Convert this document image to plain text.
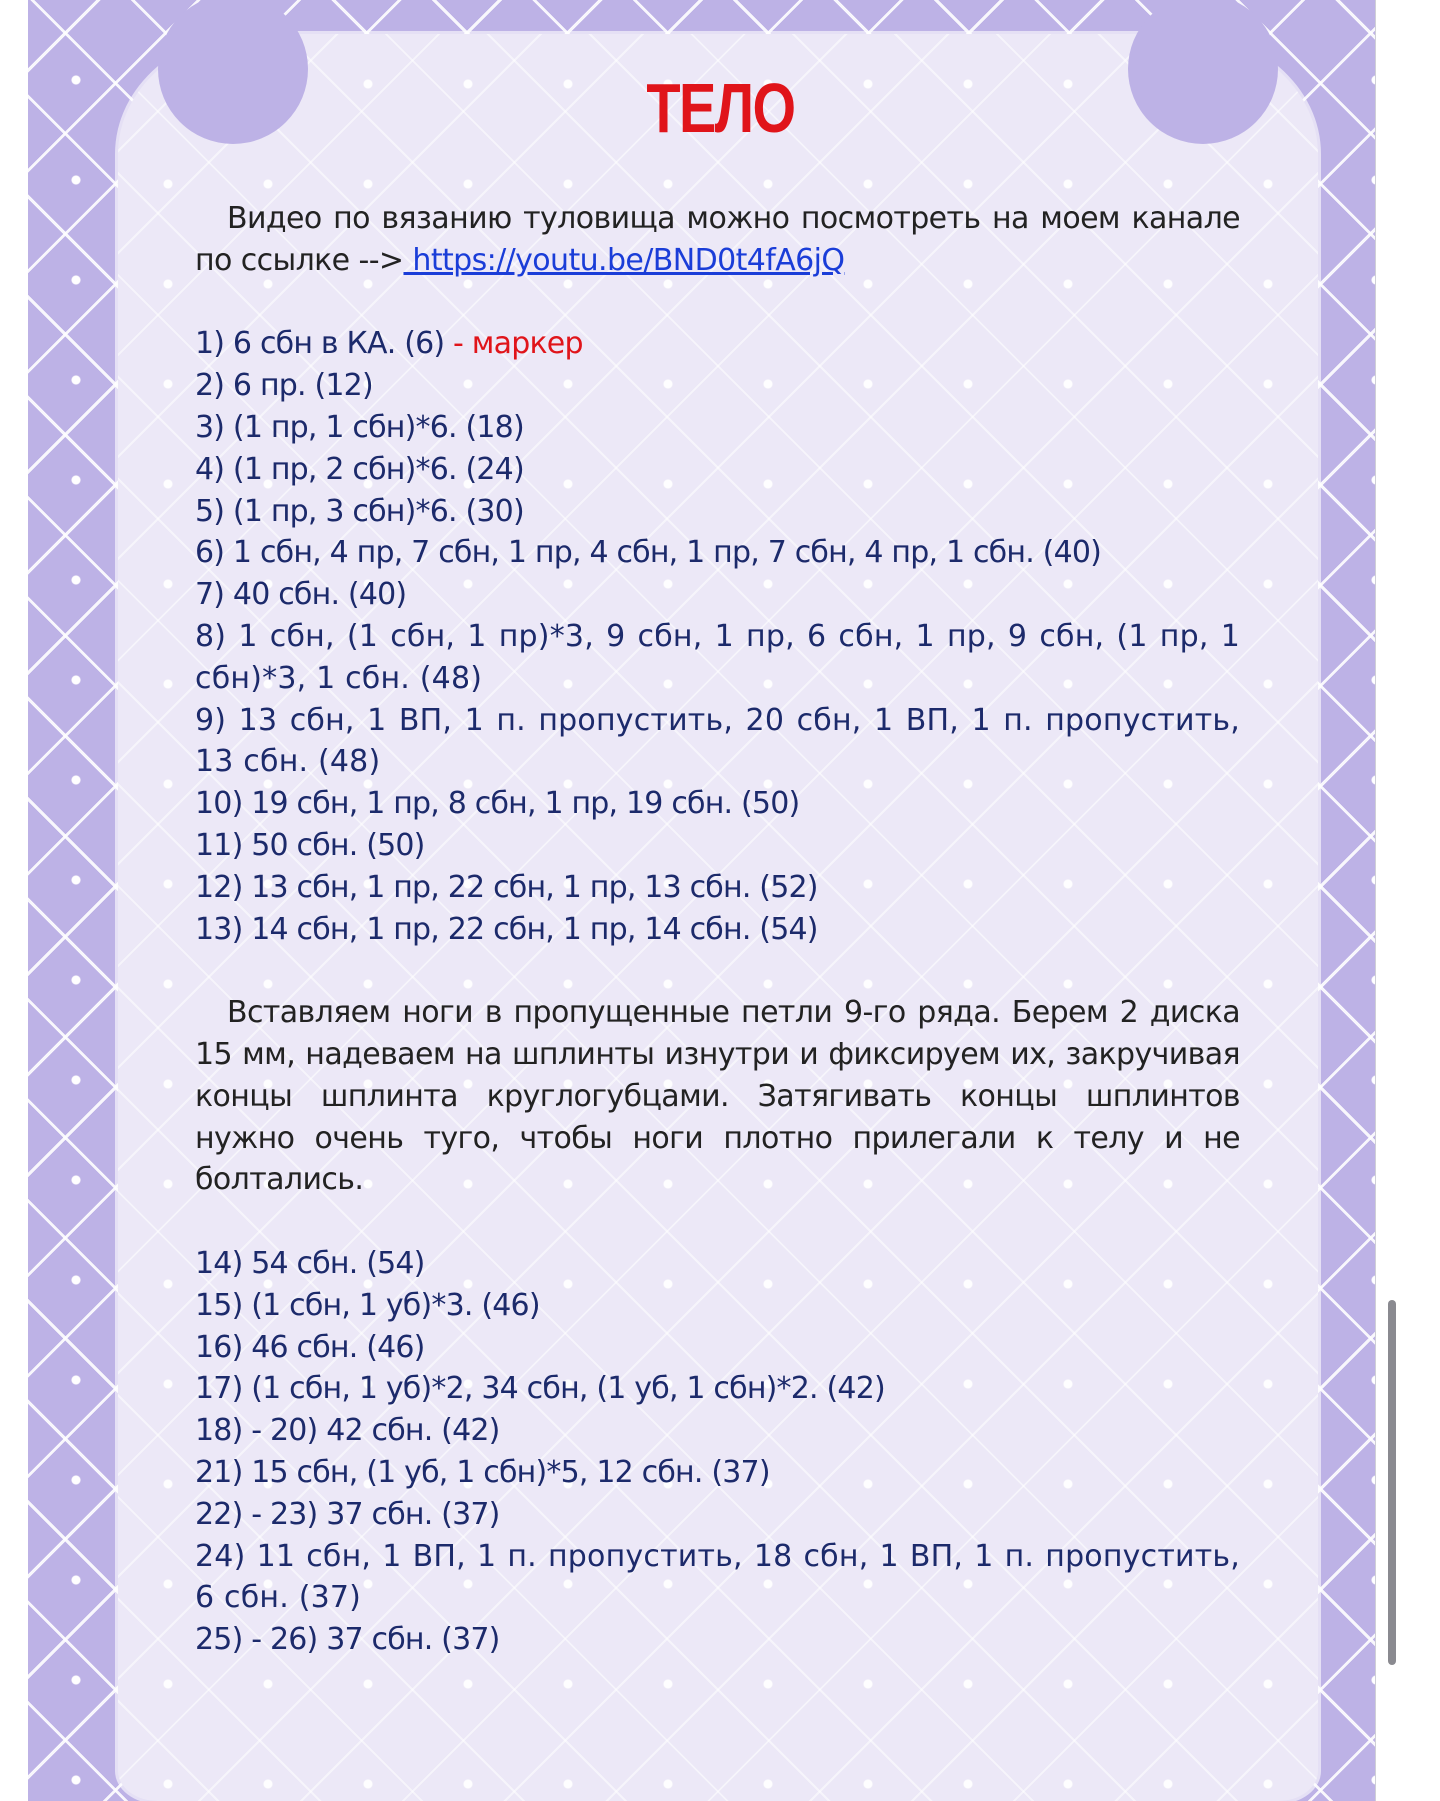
ТЕЛО
Видео по вязанию туловища можно посмотреть на моем канале по ссылке --> https://youtu.be/BND0t4fA6jQ
1) 6 сбн в КА. (6) - маркер
2) 6 пр. (12)
3) (1 пр, 1 сбн)*6. (18)
4) (1 пр, 2 сбн)*6. (24)
5) (1 пр, 3 сбн)*6. (30)
6) 1 сбн, 4 пр, 7 сбн, 1 пр, 4 сбн, 1 пр, 7 сбн, 4 пр, 1 сбн. (40)
7) 40 сбн. (40)
8) 1 сбн, (1 сбн, 1 пр)*3, 9 сбн, 1 пр, 6 сбн, 1 пр, 9 сбн, (1 пр, 1 сбн)*3, 1 сбн. (48)
9) 13 сбн, 1 ВП, 1 п. пропустить, 20 сбн, 1 ВП, 1 п. пропустить, 13 сбн. (48)
10) 19 сбн, 1 пр, 8 сбн, 1 пр, 19 сбн. (50)
11) 50 сбн. (50)
12) 13 сбн, 1 пр, 22 сбн, 1 пр, 13 сбн. (52)
13) 14 сбн, 1 пр, 22 сбн, 1 пр, 14 сбн. (54)
Вставляем ноги в пропущенные петли 9-го ряда. Берем 2 диска 15 мм, надеваем на шплинты изнутри и фиксируем их, закручивая концы шплинта круглогубцами. Затягивать концы шплинтов нужно очень туго, чтобы ноги плотно прилегали к телу и не болтались.
14) 54 сбн. (54)
15) (1 сбн, 1 уб)*3. (46)
16) 46 сбн. (46)
17) (1 сбн, 1 уб)*2, 34 сбн, (1 уб, 1 сбн)*2. (42)
18) - 20) 42 сбн. (42)
21) 15 сбн, (1 уб, 1 сбн)*5, 12 сбн. (37)
22) - 23) 37 сбн. (37)
24) 11 сбн, 1 ВП, 1 п. пропустить, 18 сбн, 1 ВП, 1 п. пропустить, 6 сбн. (37)
25) - 26) 37 сбн. (37)
